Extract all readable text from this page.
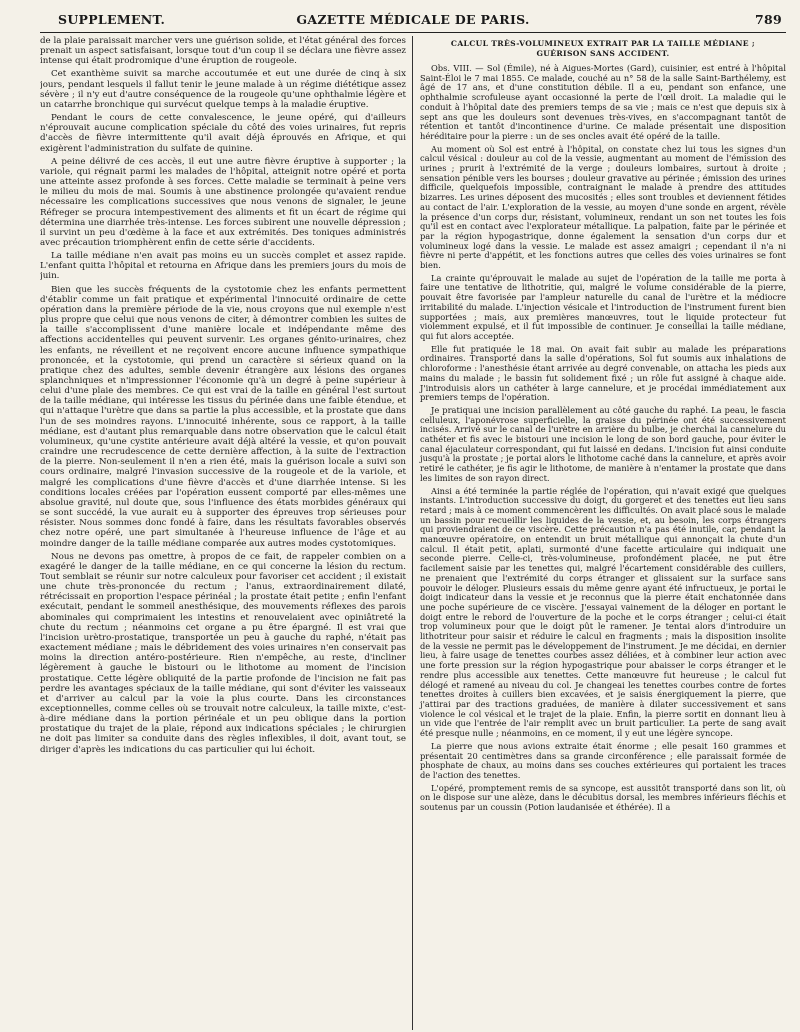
SUPPLEMENT.	GAZETTE MÉDICALE DE PARIS.	789

de la plaie paraissait marcher vers une guérison solide, et l'état général des forces prenait un aspect satisfaisant, lorsque tout d'un coup il se déclara une fièvre assez intense qui était prodromique d'une éruption de rougeole.

Cet exanthème suivit sa marche accoutumée et eut une durée de cinq à six jours, pendant lesquels il fallut tenir le jeune malade à un régime diététique assez sévère ; il n'y eut d'autre conséquence de la rougeole qu'une ophthalmie légère et un catarrhe bronchique qui survécut quelque temps à la maladie éruptive.

Pendant le cours de cette convalescence, le jeune opéré, qui d'ailleurs n'éprouvait aucune complication spéciale du côté des voies urinaires, fut repris d'accès de fièvre intermittente qu'il avait déjà éprouvés en Afrique, et qui exigèrent l'administration du sulfate de quinine.

A peine délivré de ces accès, il eut une autre fièvre éruptive à supporter ; la variole, qui régnait parmi les malades de l'hôpital, atteignit notre opéré et porta une atteinte assez profonde à ses forces. Cette maladie se terminait à peine vers le milieu du mois de mai. Soumis à une abstinence prolongée qu'avaient rendue nécessaire les complications successives que nous venons de signaler, le jeune Réfreger se procura intempestivement des aliments et fit un écart de régime qui détermina une diarrhée très-intense. Les forces subirent une nouvelle dépression ; il survint un peu d'œdème à la face et aux extrémités. Des toniques administrés avec précaution triomphèrent enfin de cette série d'accidents.

La taille médiane n'en avait pas moins eu un succès complet et assez rapide. L'enfant quitta l'hôpital et retourna en Afrique dans les premiers jours du mois de juin.

Bien que les succès fréquents de la cystotomie chez les enfants permettent d'établir comme un fait pratique et expérimental l'innocuité ordinaire de cette opération dans la première période de la vie, nous croyons que nul exemple n'est plus propre que celui que nous venons de citer, à démontrer combien les suites de la taille s'accomplissent d'une manière locale et indépendante même des affections accidentelles qui peuvent survenir. Les organes génito-urinaires, chez les enfants, ne réveillent et ne reçoivent encore aucune influence sympathique prononcée, et la cystotomie, qui prend un caractère si sérieux quand on la pratique chez des adultes, semble devenir étrangère aux lésions des organes splanchniques et n'impressionner l'économie qu'à un degré à peine supérieur à celui d'une plaie des membres. Ce qui est vrai de la taille en général l'est surtout de la taille médiane, qui intéresse les tissus du périnée dans une faible étendue, et qui n'attaque l'urètre que dans sa partie la plus accessible, et la prostate que dans l'un de ses moindres rayons. L'innocuité inhérente, sous ce rapport, à la taille médiane, est d'autant plus remarquable dans notre observation que le calcul était volumineux, qu'une cystite antérieure avait déjà altéré la vessie, et qu'on pouvait craindre une recrudescence de cette dernière affection, à la suite de l'extraction de la pierre. Non-seulement il n'en a rien été, mais la guérison locale a suivi son cours ordinaire, malgré l'invasion successive de la rougeole et de la variole, et malgré les complications d'une fièvre d'accès et d'une diarrhée intense. Si les conditions locales créées par l'opération eussent comporté par elles-mêmes une absolue gravité, nul doute que, sous l'influence des états morbides généraux qui se sont succédé, la vue aurait eu à supporter des épreuves trop sérieuses pour résister. Nous sommes donc fondé à faire, dans les résultats favorables observés chez notre opéré, une part simultanée à l'heureuse influence de l'âge et au moindre danger de la taille médiane comparée aux autres modes cystotomiques.

Nous ne devons pas omettre, à propos de ce fait, de rappeler combien on a exagéré le danger de la taille médiane, en ce qui concerne la lésion du rectum. Tout semblait se réunir sur notre calculeux pour favoriser cet accident ; il existait une chute très-prononcée du rectum ; l'anus, extraordinairement dilaté, rétrécissait en proportion l'espace périnéal ; la prostate était petite ; enfin l'enfant exécutait, pendant le sommeil anesthésique, des mouvements réflexes des parois abominales qui comprimaient les intestins et renouvelaient avec opiniâtreté la chute du rectum ; néanmoins cet organe a pu être épargné. Il est vrai que l'incision urètro-prostatique, transportée un peu à gauche du raphé, n'était pas exactement médiane ; mais le débridement des voies urinaires n'en conservait pas moins la direction antéro-postérieure. Rien n'empêche, au reste, d'incliner légèrement à gauche le bistouri ou le lithotome au moment de l'incision prostatique. Cette légère obliquité de la partie profonde de l'incision ne fait pas perdre les avantages spéciaux de la taille médiane, qui sont d'éviter les vaisseaux et d'arriver au calcul par la voie la plus courte. Dans les circonstances exceptionnelles, comme celles où se trouvait notre calculeux, la taille mixte, c'est-à-dire médiane dans la portion périnéale et un peu oblique dans la portion prostatique du trajet de la plaie, répond aux indications spéciales ; le chirurgien ne doit pas limiter sa conduite dans des règles inflexibles, il doit, avant tout, se diriger d'après les indications du cas particulier qui lui échoit.

CALCUL TRÈS-VOLUMINEUX EXTRAIT PAR LA TAILLE MÉDIANE ; GUÉRISON SANS ACCIDENT.

Obs. VIII. — Sol (Émile), né à Aigues-Mortes (Gard), cuisinier, est entré à l'hôpital Saint-Éloi le 7 mai 1855. Ce malade, couché au n° 58 de la salle Saint-Barthélemy, est âgé de 17 ans, et d'une constitution débile. Il a eu, pendant son enfance, une ophthalmie scrofuleuse ayant occasionné la perte de l'œil droit. La maladie qui le conduit à l'hôpital date des premiers temps de sa vie ; mais ce n'est que depuis six à sept ans que les douleurs sont devenues très-vives, en s'accompagnant tantôt de rétention et tantôt d'incontinence d'urine. Ce malade présentait une disposition héréditaire pour la pierre : un de ses oncles avait été opéré de la taille.

Au moment où Sol est entré à l'hôpital, on constate chez lui tous les signes d'un calcul vésical : douleur au col de la vessie, augmentant au moment de l'émission des urines ; prurit à l'extrémité de la verge ; douleurs lombaires, surtout à droite ; sensation pénible vers les bourses ; douleur gravative au périnée ; émission des urines difficile, quelquefois impossible, contraignant le malade à prendre des attitudes bizarres. Les urines déposent des mucosités ; elles sont troubles et deviennent fétides au contact de l'air. L'exploration de la vessie, au moyen d'une sonde en argent, révèle la présence d'un corps dur, résistant, volumineux, rendant un son net toutes les fois qu'il est en contact avec l'explorateur métallique. La palpation, faite par le périnée et par la région hypogastrique, donne également la sensation d'un corps dur et volumineux logé dans la vessie. Le malade est assez amaigri ; cependant il n'a ni fièvre ni perte d'appétit, et les fonctions autres que celles des voies urinaires se font bien.

La crainte qu'éprouvait le malade au sujet de l'opération de la taille me porta à faire une tentative de lithotritie, qui, malgré le volume considérable de la pierre, pouvait être favorisée par l'ampleur naturelle du canal de l'urètre et la médiocre irritabilité du malade. L'injection vésicale et l'introduction de l'instrument furent bien supportées ; mais, aux premières manœuvres, tout le liquide protecteur fut violemment expulsé, et il fut impossible de continuer. Je conseillai la taille médiane, qui fut alors acceptée.

Elle fut pratiquée le 18 mai. On avait fait subir au malade les préparations ordinaires. Transporté dans la salle d'opérations, Sol fut soumis aux inhalations de chloroforme : l'anesthésie étant arrivée au degré convenable, on attacha les pieds aux mains du malade ; le bassin fut solidement fixé ; un rôle fut assigné à chaque aide. J'introduisis alors un cathéter à large cannelure, et je procédai immédiatement aux premiers temps de l'opération.

Je pratiquai une incision parallèlement au côté gauche du raphé. La peau, le fascia celluleux, l'aponévrose superficielle, la graisse du périnée ont été successivement incisés. Arrivé sur le canal de l'urètre en arrière du bulbe, je cherchai la cannelure du cathéter et fis avec le bistouri une incision le long de son bord gauche, pour éviter le canal éjaculateur correspondant, qui fut laissé en dedans. L'incision fut ainsi conduite jusqu'à la prostate ; je portai alors le lithotome caché dans la cannelure, et après avoir retiré le cathéter, je fis agir le lithotome, de manière à n'entamer la prostate que dans les limites de son rayon direct.

Ainsi a été terminée la partie réglée de l'opération, qui n'avait exigé que quelques instants. L'introduction successive du doigt, du gorgeret et des tenettes eut lieu sans retard ; mais à ce moment commencèrent les difficultés. On avait placé sous le malade un bassin pour recueillir les liquides de la vessie, et, au besoin, les corps étrangers qui proviendraient de ce viscère. Cette précaution n'a pas été inutile, car, pendant la manœuvre opératoire, on entendit un bruit métallique qui annonçait la chute d'un calcul. Il était petit, aplati, surmonté d'une facette articulaire qui indiquait une seconde pierre. Celle-ci, très-volumineuse, profondément placée, ne put être facilement saisie par les tenettes qui, malgré l'écartement considérable des cuillers, ne prenaient que l'extrémité du corps étranger et glissaient sur la surface sans pouvoir le déloger. Plusieurs essais du même genre ayant été infructueux, je portai le doigt indicateur dans la vessie et je reconnus que la pierre était enchatonnée dans une poche supérieure de ce viscère. J'essayai vainement de la déloger en portant le doigt entre le rebord de l'ouverture de la poche et le corps étranger ; celui-ci était trop volumineux pour que le doigt pût le ramener. Je tentai alors d'introduire un lithotriteur pour saisir et réduire le calcul en fragments ; mais la disposition insolite de la vessie ne permit pas le développement de l'instrument. Je me décidai, en dernier lieu, à faire usage de tenettes courbes assez déliées, et à combiner leur action avec une forte pression sur la région hypogastrique pour abaisser le corps étranger et le rendre plus accessible aux tenettes. Cette manœuvre fut heureuse ; le calcul fut délogé et ramené au niveau du col. Je changeai les tenettes courbes contre de fortes tenettes droites à cuillers bien excavées, et je saisis énergiquement la pierre, que j'attirai par des tractions graduées, de manière à dilater successivement et sans violence le col vésical et le trajet de la plaie. Enfin, la pierre sortit en donnant lieu à un vide que l'entrée de l'air remplit avec un bruit particulier. La perte de sang avait été presque nulle ; néanmoins, en ce moment, il y eut une légère syncope.

La pierre que nous avions extraite était énorme ; elle pesait 160 grammes et présentait 20 centimètres dans sa grande circonférence ; elle paraissait formée de phosphate de chaux, au moins dans ses couches extérieures qui portaient les traces de l'action des tenettes.

L'opéré, promptement remis de sa syncope, est aussitôt transporté dans son lit, où on le dispose sur une alèze, dans le décubitus dorsal, les membres inférieurs fléchis et soutenus par un coussin (Potion laudanisée et éthérée). Il a
